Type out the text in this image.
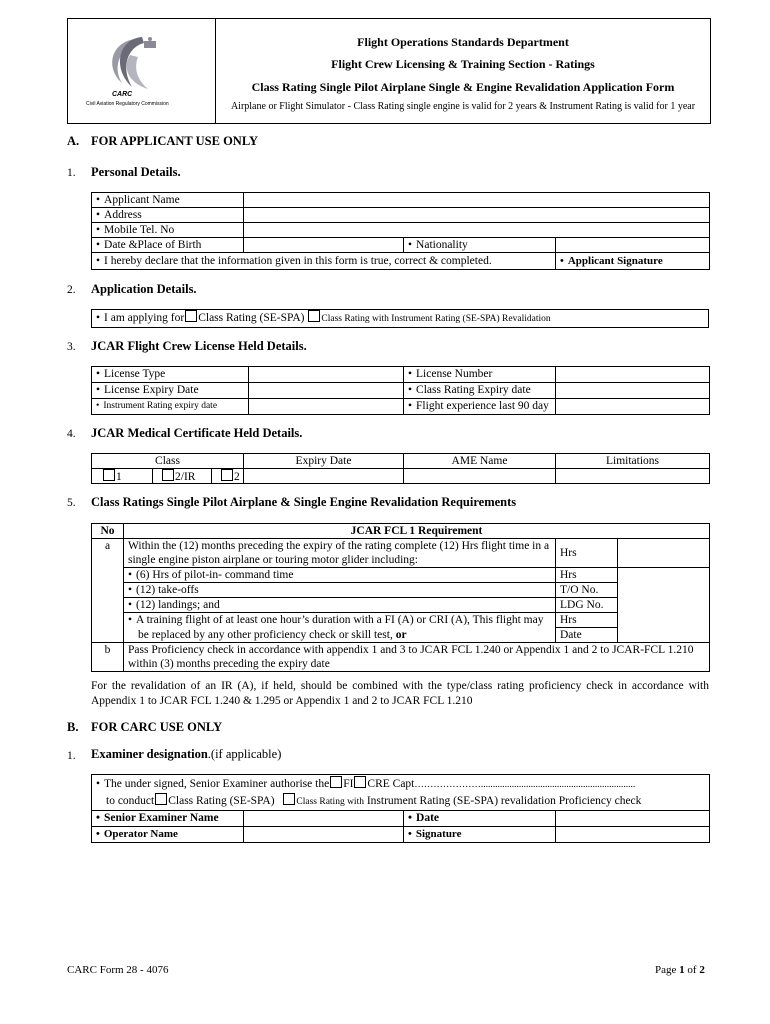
CARC
Civil Aviation Regulatory Commission
Flight Operations Standards Department
Flight Crew Licensing & Training Section - Ratings
Class Rating Single Pilot Airplane Single & Engine Revalidation Application Form
Airplane or Flight Simulator - Class Rating single engine is valid for 2 years & Instrument Rating is valid for 1 year
A. FOR APPLICANT USE ONLY
1. Personal Details.
• Applicant Name	
• Address	
• Mobile Tel. No	
• Date &Place of Birth		• Nationality	
• I hereby declare that the information given in this form is true, correct & completed.			• Applicant Signature
2. Application Details.
• I am applying for Class Rating (SE-SPA) Class Rating with Instrument Rating (SE-SPA) Revalidation
3. JCAR Flight Crew License Held Details.
• License Type		• License Number	
• License Expiry Date		• Class Rating Expiry date	
• Instrument Rating expiry date		• Flight experience last 90 day	
4. JCAR Medical Certificate Held Details.
Class	Expiry Date	AME Name	Limitations

1 2/IR 2			

5. Class Ratings Single Pilot Airplane & Single Engine Revalidation Requirements
No	JCAR FCL 1 Requirement		
a	Within the (12) months preceding the expiry of the rating complete (12) Hrs flight time in a
single engine piston airplane or touring motor glider including:	Hrs	
	• (6) Hrs of pilot-in- command time	Hrs	
	• (12) take-offs	T/O No.	
	• (12) landings; and	LDG No.	
	• A training flight of at least one hour’s duration with a FI (A) or CRI (A), This flight may	Hrs	
	be replaced by any other proficiency check or skill test, or	Date	
b	Pass Proficiency check in accordance with appendix 1 and 3 to JCAR FCL 1.240 or Appendix 1 and 2 to JCAR-FCL 1.210
within (3) months preceding the expiry date		
For the revalidation of an IR (A), if held, should be combined with the type/class rating proficiency check in accordance with
Appendix 1 to JCAR FCL 1.240 & 1.295 or Appendix 1 and 2 to JCAR FCL 1.210
B. FOR CARC USE ONLY
1. Examiner designation.(if applicable)
• The under signed, Senior Examiner authorise the FI CRE Capt………………….................................................................
to conduct Class Rating (SE-SPA) Class Rating with Instrument Rating (SE-SPA) revalidation Proficiency check

• Senior Examiner Name		• Date	
• Operator Name		• Signature	
CARC Form 28 - 4076	Page 1 of 2
